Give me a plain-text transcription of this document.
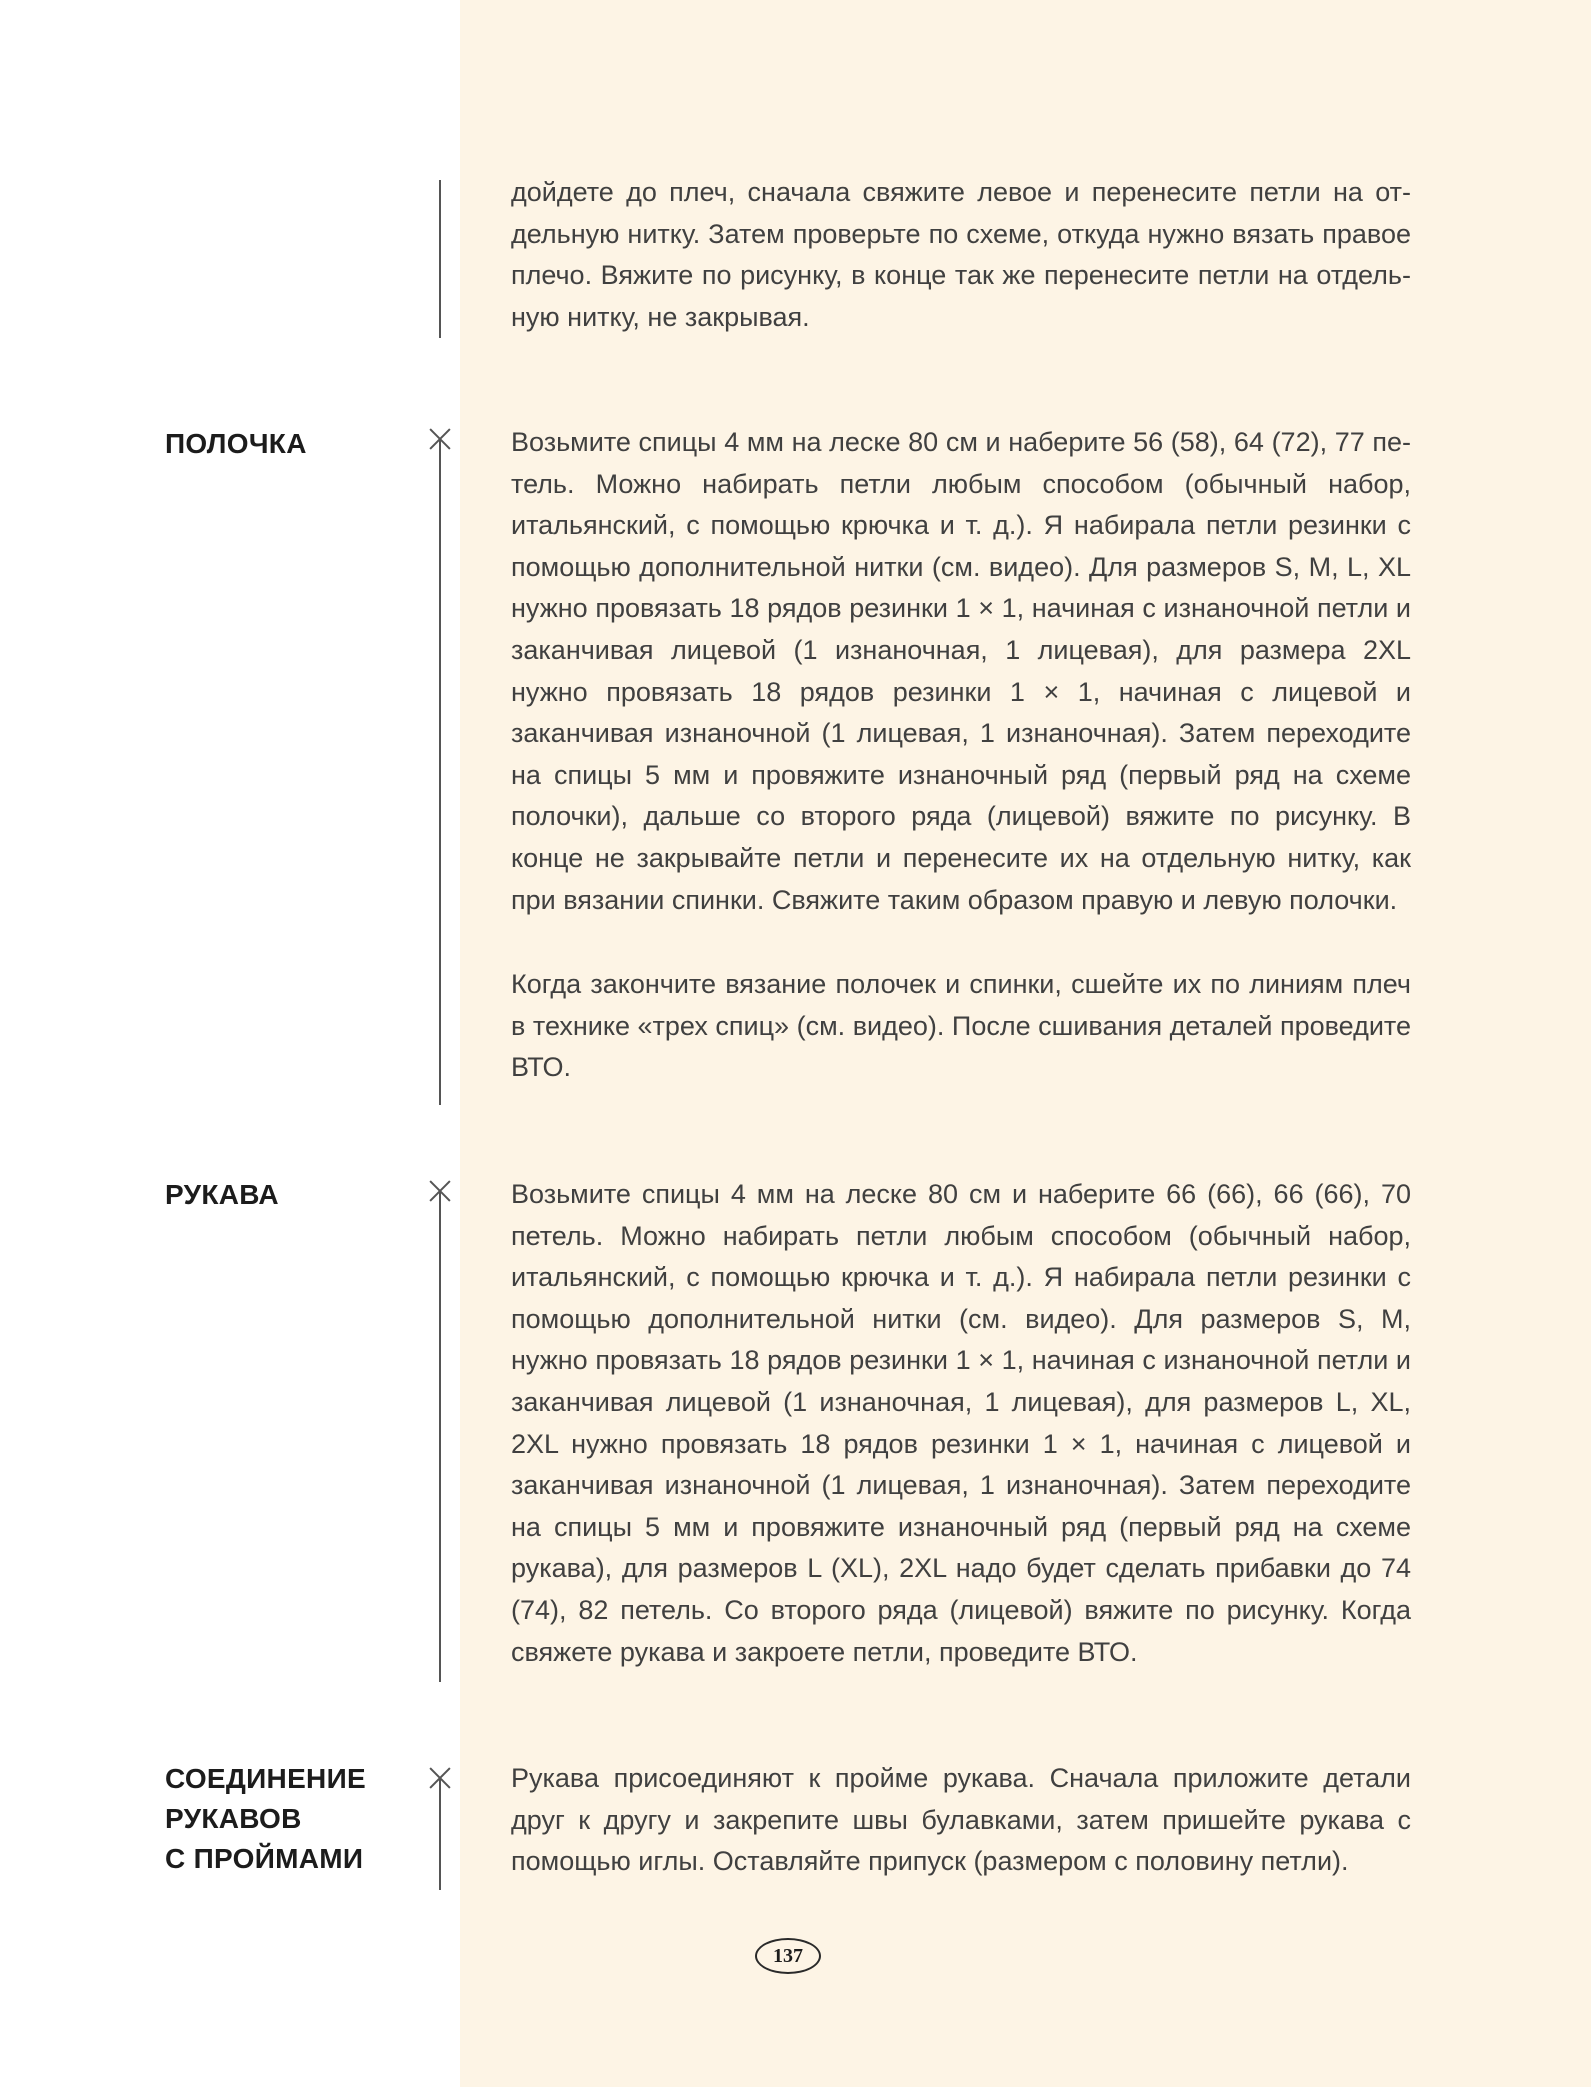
дойдете до плеч, сначала свяжите левое и перенесите петли на отдельную нитку. Затем проверьте по схеме, откуда нужно вязать правое плечо. Вяжите по рисунку, в конце так же перенесите петли на отдельную нитку, не закрывая.

ПОЛОЧКА	Возьмите спицы 4 мм на леске 80 см и наберите 56 (58), 64 (72), 77 петель. Можно набирать петли любым способом (обычный набор, итальянский, с помощью крючка и т. д.). Я набирала петли резинки с помощью дополнительной нитки (см. видео). Для размеров S, M, L, XL нужно провязать 18 рядов резинки 1 × 1, начиная с изнаночной петли и заканчивая лицевой (1 изнаночная, 1 лицевая), для размера 2XL нужно провязать 18 рядов резинки 1 × 1, начиная с лицевой и заканчивая изнаночной (1 лицевая, 1 изнаночная). Затем переходите на спицы 5 мм и провяжите изнаночный ряд (первый ряд на схеме полочки), дальше со второго ряда (лицевой) вяжите по рисунку. В конце не закрывайте петли и перенесите их на отдельную нитку, как при вязании спинки. Свяжите таким образом правую и левую полочки.

Когда закончите вязание полочек и спинки, сшейте их по линиям плеч в технике «трех спиц» (см. видео). После сшивания деталей проведите ВТО.

РУКАВА	Возьмите спицы 4 мм на леске 80 см и наберите 66 (66), 66 (66), 70 петель. Можно набирать петли любым способом (обычный набор, итальянский, с помощью крючка и т. д.). Я набирала петли резинки с помощью дополнительной нитки (см. видео). Для размеров S, M, нужно провязать 18 рядов резинки 1 × 1, начиная с изнаночной петли и заканчивая лицевой (1 изнаночная, 1 лицевая), для размеров L, XL, 2XL нужно провязать 18 рядов резинки 1 × 1, начиная с лицевой и заканчивая изнаночной (1 лицевая, 1 изнаночная). Затем переходите на спицы 5 мм и провяжите изнаночный ряд (первый ряд на схеме рукава), для размеров L (XL), 2XL надо будет сделать прибавки до 74 (74), 82 петель. Со второго ряда (лицевой) вяжите по рисунку. Когда свяжете рукава и закроете петли, проведите ВТО.

СОЕДИНЕНИЕ
РУКАВОВ
С ПРОЙМАМИ

Рукава присоединяют к пройме рукава. Сначала приложите детали друг к другу и закрепите швы булавками, затем пришейте рукава с помощью иглы. Оставляйте припуск (размером с половину петли).

137
